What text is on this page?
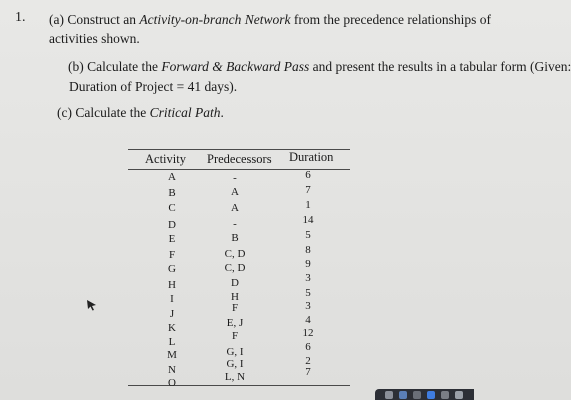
1. (a) Construct an Activity-on-branch Network from the precedence relationships of
activities shown.
(b) Calculate the Forward & Backward Pass and present the results in a tabular form (Given:
Duration of Project = 41 days).
(c) Calculate the Critical Path.
Activity Predecessors Duration
A	-	6
B	A	7
C	A	1
D	-	14
E	B	5
F	C, D	8
G	C, D	9
H	D	3
I	H	5
J	F	3
K	E, J	4
L	F	12
M	G, I	6
N	G, I	2
O	L, N	7
